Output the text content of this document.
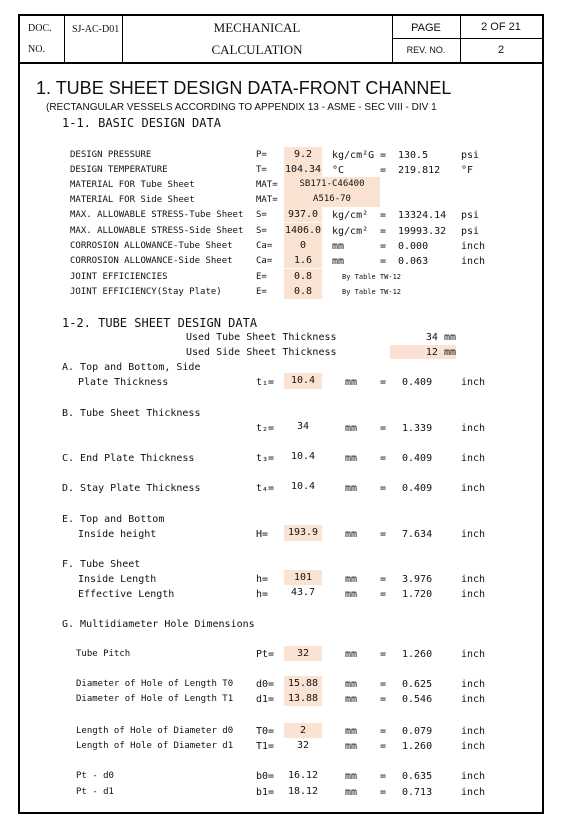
DOC.
NO.
SJ-AC-D01	MECHANICAL
CALCULATION
PAGE	2 OF 21
REV. NO.	2
1. TUBE SHEET DESIGN DATA-FRONT CHANNEL
(RECTANGULAR VESSELS ACCORDING TO APPENDIX 13 - ASME - SEC VIII - DIV 1
1-1. BASIC DESIGN DATA
DESIGN PRESSURE	P=	9.2	kg/cm²G = 130.5	psi
DESIGN TEMPERATURE	T= 104.34 °C	= 219.812 °F
MATERIAL FOR Tube Sheet	MAT=	SB171-C46400
MATERIAL FOR Side Sheet	MAT=	A516-70
MAX. ALLOWABLE STRESS-Tube Sheet S=	937.0	kg/cm² = 13324.14 psi
MAX. ALLOWABLE STRESS-Side Sheet S= 1406.0 kg/cm² = 19993.32 psi
CORROSION ALLOWANCE-Tube Sheet	Ca=	0	mm	= 0.000	inch
CORROSION ALLOWANCE-Side Sheet	Ca=	1.6	mm	= 0.063	inch
JOINT EFFICIENCIES	E=	0.8	By Table TW-12
JOINT EFFICIENCY(Stay Plate)	E=	0.8	By Table TW-12
1-2. TUBE SHEET DESIGN DATA
Used Tube Sheet Thickness	34 mm
Used Side Sheet Thickness	12 mm
A. Top and Bottom, Side
Plate Thickness	t₁=	10.4	mm = 0.409	inch
B. Tube Sheet Thickness
t₂=	34	mm = 1.339	inch
C. End Plate Thickness	t₃=	10.4	mm = 0.409	inch
D. Stay Plate Thickness	t₄=	10.4	mm = 0.409	inch
E. Top and Bottom
Inside height	H=	193.9	mm = 7.634	inch
F. Tube Sheet
Inside Length	h=	101	mm = 3.976	inch
Effective Length	h=	43.7	mm = 1.720	inch
G. Multidiameter Hole Dimensions
Tube Pitch	Pt=	32	mm = 1.260	inch
Diameter of Hole of Length T0 d0=	15.88	mm = 0.625	inch
Diameter of Hole of Length T1 d1=	13.88	mm = 0.546	inch
Length of Hole of Diameter d0 T0=	2	mm = 0.079	inch
Length of Hole of Diameter d1 T1=	32	mm = 1.260	inch
Pt - d0	b0=	16.12	mm = 0.635	inch
Pt - d1	b1=	18.12	mm = 0.713	inch
